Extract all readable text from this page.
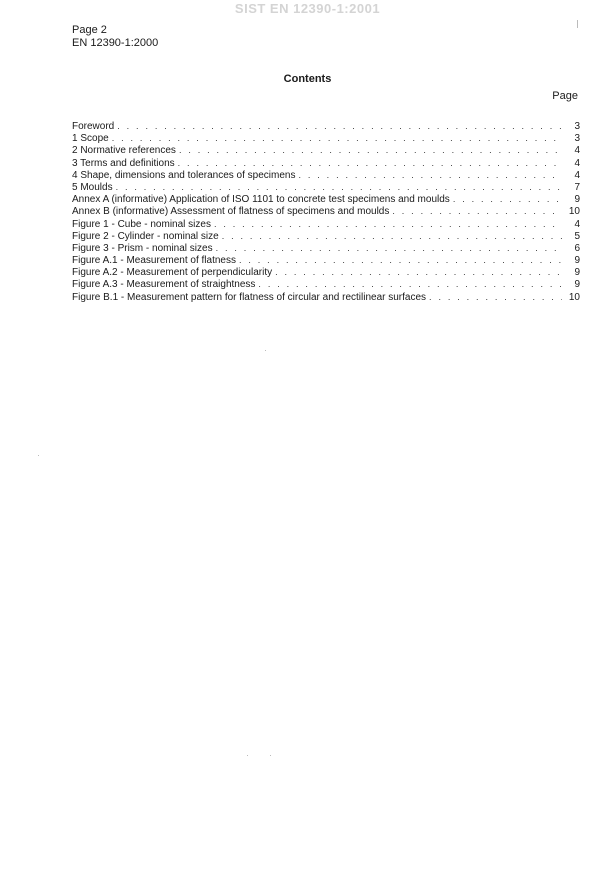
SIST EN 12390-1:2001
Page 2
EN 12390-1:2000
Contents
Page
Foreword . . .	3
1 Scope . . .	3
2 Normative references . . .	4
3 Terms and definitions . . .	4
4 Shape, dimensions and tolerances of specimens . . .	4
5 Moulds . . .	7
Annex A (informative) Application of ISO 1101 to concrete test specimens and moulds . . .	9
Annex B (informative) Assessment of flatness of specimens and moulds . . .	10
Figure 1 - Cube - nominal sizes . . .	4
Figure 2 - Cylinder - nominal size . . .	5
Figure 3 - Prism - nominal sizes . . .	6
Figure A.1 - Measurement of flatness . . .	9
Figure A.2 - Measurement of perpendicularity . . .	9
Figure A.3 - Measurement of straightness . . .	9
Figure B.1 - Measurement pattern for flatness of circular and rectilinear surfaces . . .	10
